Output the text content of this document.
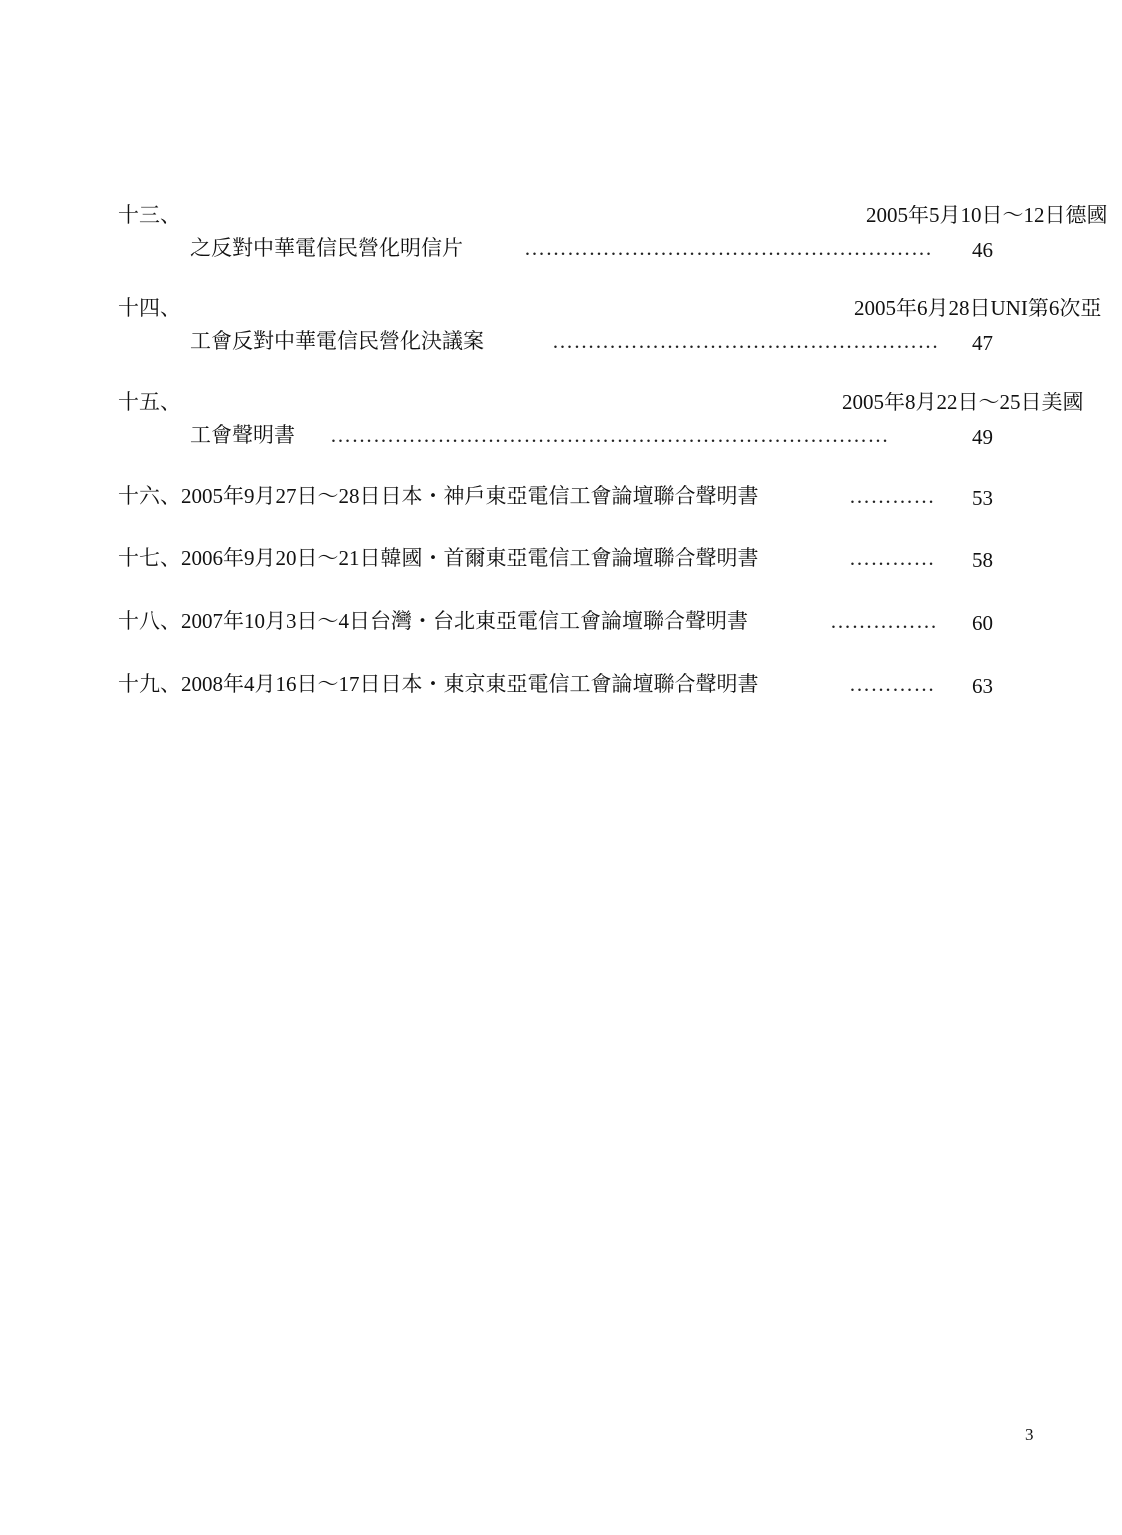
十三、	2005年5月10日～12日德國
之反對中華電信民營化明信片	…………………………………………………	46
十四、	2005年6月28日UNI第6次亞
工會反對中華電信民營化決議案	……………………………………………… 47
十五、	2005年8月22日～25日美國
工會聲明書 ……………………………………………………………………	49
十六、2005年9月27日～28日日本・神戶東亞電信工會論壇聯合聲明書	…………	53
十七、2006年9月20日～21日韓國・首爾東亞電信工會論壇聯合聲明書	…………	58
十八、2007年10月3日～4日台灣・台北東亞電信工會論壇聯合聲明書	……………	60
十九、2008年4月16日～17日日本・東京東亞電信工會論壇聯合聲明書	…………	63
3
